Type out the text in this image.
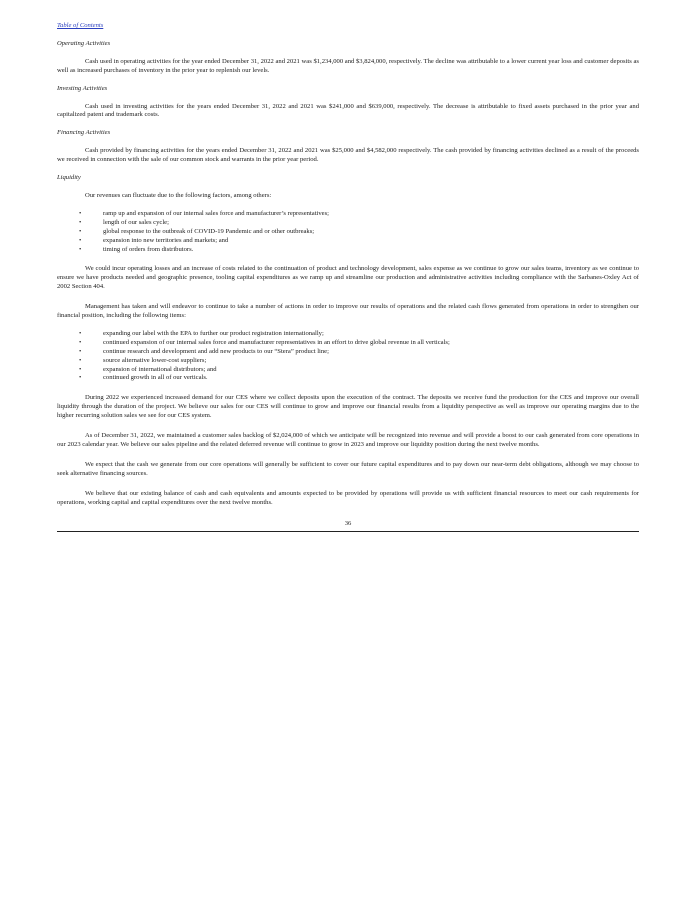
Table of Contents
Operating Activities

Cash used in operating activities for the year ended December 31, 2022 and 2021 was $1,234,000 and $3,824,000, respectively. The decline was attributable to a lower current year loss and customer deposits as well as increased purchases of inventory in the prior year to replenish our levels.

Investing Activities

Cash used in investing activities for the years ended December 31, 2022 and 2021 was $241,000 and $639,000, respectively. The decrease is attributable to fixed assets purchased in the prior year and capitalized patent and trademark costs.

Financing Activities

Cash provided by financing activities for the years ended December 31, 2022 and 2021 was $25,000 and $4,582,000 respectively. The cash provided by financing activities declined as a result of the proceeds we received in connection with the sale of our common stock and warrants in the prior year period.

Liquidity

Our revenues can fluctuate due to the following factors, among others:

•	ramp up and expansion of our internal sales force and manufacturer’s representatives;
•	length of our sales cycle;
•	global response to the outbreak of COVID-19 Pandemic and or other outbreaks;
•	expansion into new territories and markets; and
•	timing of orders from distributors.

We could incur operating losses and an increase of costs related to the continuation of product and technology development, sales expense as we continue to grow our sales teams, inventory as we continue to ensure we have products needed and geographic presence, tooling capital expenditures as we ramp up and streamline our production and administrative activities including compliance with the Sarbanes-Oxley Act of 2002 Section 404.

Management has taken and will endeavor to continue to take a number of actions in order to improve our results of operations and the related cash flows generated from operations in order to strengthen our financial position, including the following items:

•	expanding our label with the EPA to further our product registration internationally;
•	continued expansion of our internal sales force and manufacturer representatives in an effort to drive global revenue in all verticals;
•	continue research and development and add new products to our “Stera” product line;
•	source alternative lower-cost suppliers;
•	expansion of international distributors; and
•	continued growth in all of our verticals.

During 2022 we experienced increased demand for our CES where we collect deposits upon the execution of the contract. The deposits we receive fund the production for the CES and improve our overall liquidity through the duration of the project. We believe our sales for our CES will continue to grow and improve our financial results from a liquidity perspective as well as improve our operating margins due to the higher recurring solution sales we see for our CES system.

As of December 31, 2022, we maintained a customer sales backlog of $2,024,000 of which we anticipate will be recognized into revenue and will provide a boost to our cash generated from core operations in our 2023 calendar year. We believe our sales pipeline and the related deferred revenue will continue to grow in 2023 and improve our liquidity position during the next twelve months.

We expect that the cash we generate from our core operations will generally be sufficient to cover our future capital expenditures and to pay down our near-term debt obligations, although we may choose to seek alternative financing sources.

We believe that our existing balance of cash and cash equivalents and amounts expected to be provided by operations will provide us with sufficient financial resources to meet our cash requirements for operations, working capital and capital expenditures over the next twelve months.

36
